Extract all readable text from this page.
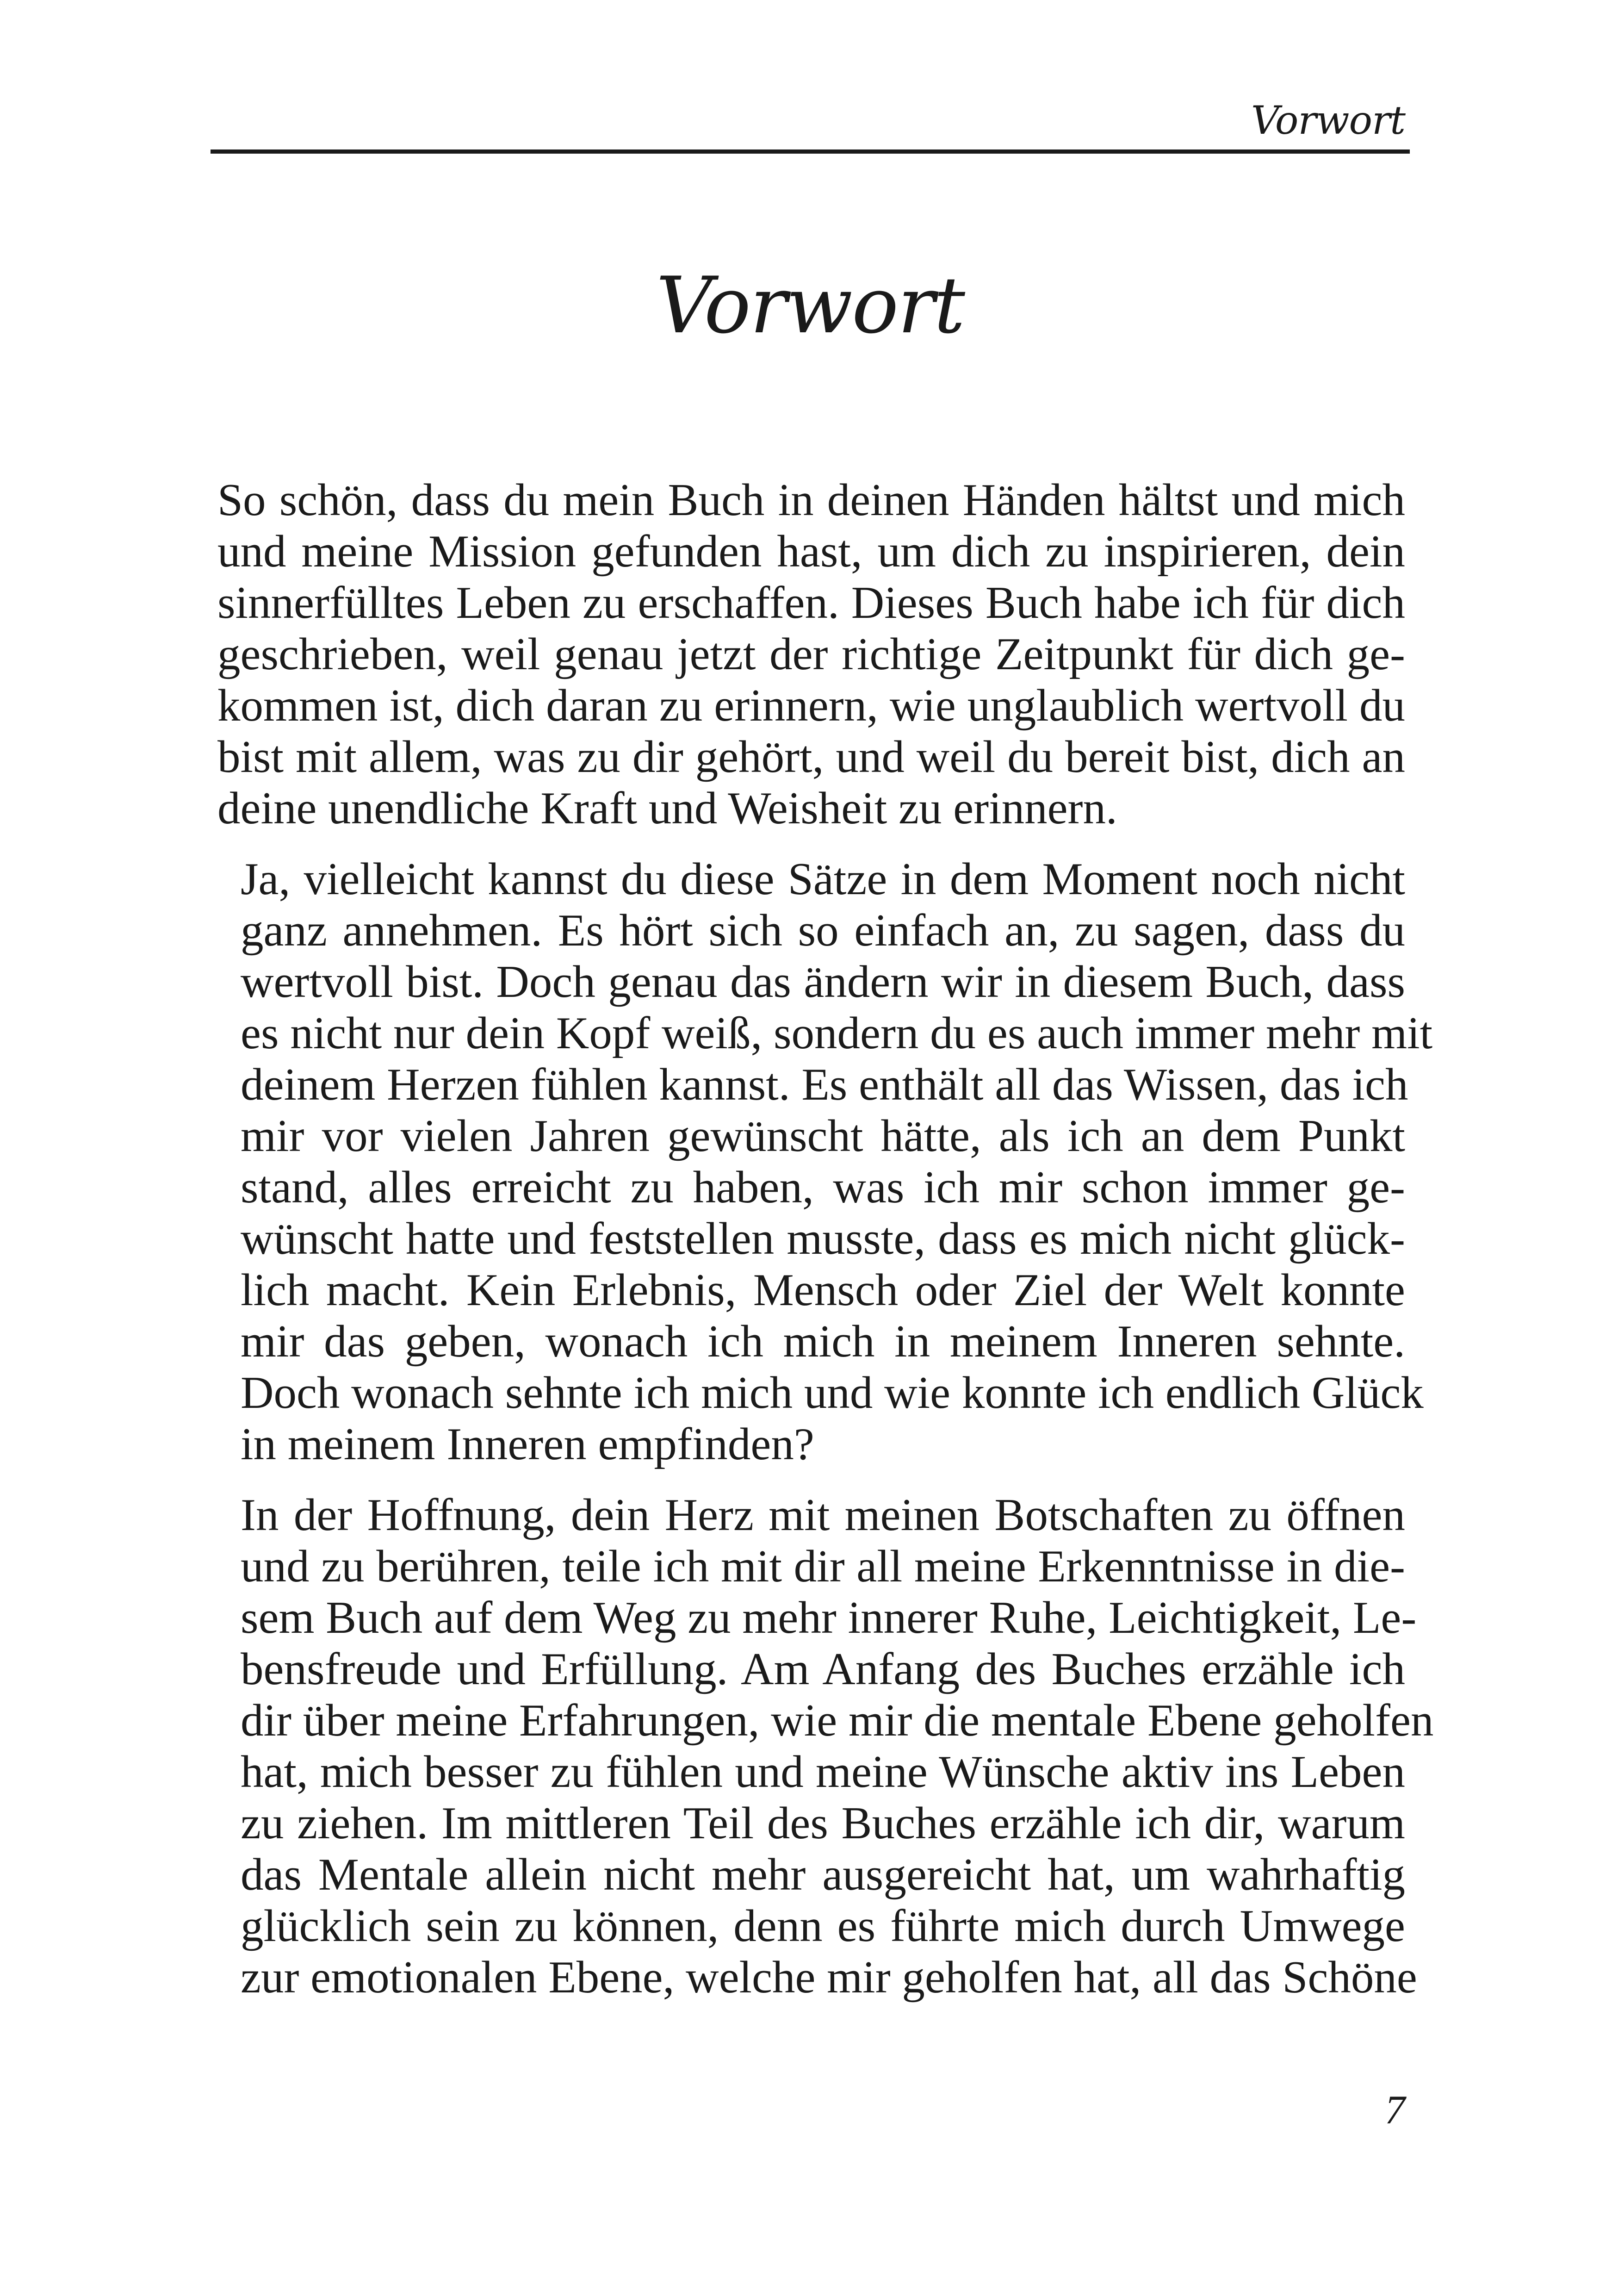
Vorwort
Vorwort

So schön, dass du mein Buch in deinen Händen hältst und mich
und meine Mission gefunden hast, um dich zu inspirieren, dein
sinnerfülltes Leben zu erschaffen. Dieses Buch habe ich für dich
geschrieben, weil genau jetzt der richtige Zeitpunkt für dich ge-
kommen ist, dich daran zu erinnern, wie unglaublich wertvoll du
bist mit allem, was zu dir gehört, und weil du bereit bist, dich an
deine unendliche Kraft und Weisheit zu erinnern.

Ja, vielleicht kannst du diese Sätze in dem Moment noch nicht
ganz annehmen. Es hört sich so einfach an, zu sagen, dass du
wertvoll bist. Doch genau das ändern wir in diesem Buch, dass
es nicht nur dein Kopf weiß, sondern du es auch immer mehr mit
deinem Herzen fühlen kannst. Es enthält all das Wissen, das ich
mir vor vielen Jahren gewünscht hätte, als ich an dem Punkt
stand, alles erreicht zu haben, was ich mir schon immer ge-
wünscht hatte und feststellen musste, dass es mich nicht glück-
lich macht. Kein Erlebnis, Mensch oder Ziel der Welt konnte
mir das geben, wonach ich mich in meinem Inneren sehnte.
Doch wonach sehnte ich mich und wie konnte ich endlich Glück
in meinem Inneren empfinden?

In der Hoffnung, dein Herz mit meinen Botschaften zu öffnen
und zu berühren, teile ich mit dir all meine Erkenntnisse in die-
sem Buch auf dem Weg zu mehr innerer Ruhe, Leichtigkeit, Le-
bensfreude und Erfüllung. Am Anfang des Buches erzähle ich
dir über meine Erfahrungen, wie mir die mentale Ebene geholfen
hat, mich besser zu fühlen und meine Wünsche aktiv ins Leben
zu ziehen. Im mittleren Teil des Buches erzähle ich dir, warum
das Mentale allein nicht mehr ausgereicht hat, um wahrhaftig
glücklich sein zu können, denn es führte mich durch Umwege
zur emotionalen Ebene, welche mir geholfen hat, all das Schöne

7
